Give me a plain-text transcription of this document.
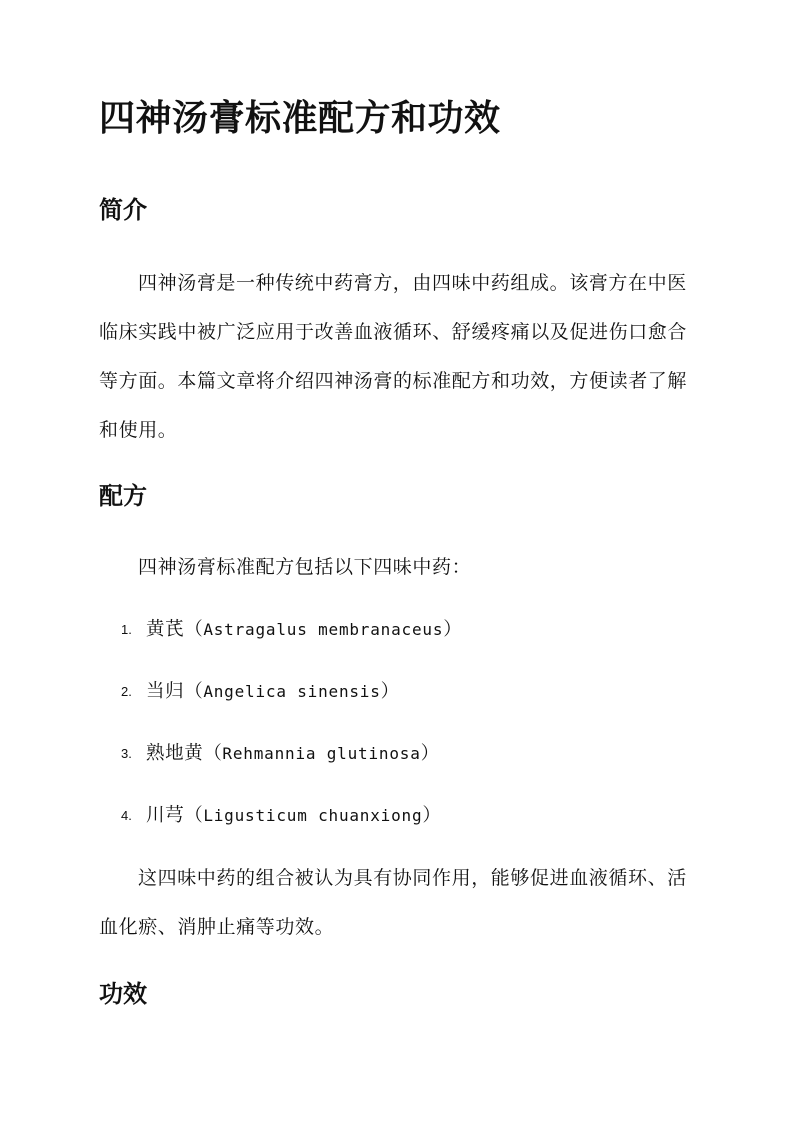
四神汤膏标准配方和功效
简介

四神汤膏是一种传统中药膏方，由四味中药组成。该膏方在中医临床实践中被广泛应用于改善血液循环、舒缓疼痛以及促进伤口愈合等方面。本篇文章将介绍四神汤膏的标准配方和功效，方便读者了解和使用。

配方

四神汤膏标准配方包括以下四味中药：

1. 黄芪（Astragalus membranaceus）
2. 当归（Angelica sinensis）
3. 熟地黄（Rehmannia glutinosa）
4. 川芎（Ligusticum chuanxiong）

这四味中药的组合被认为具有协同作用，能够促进血液循环、活血化瘀、消肿止痛等功效。

功效
